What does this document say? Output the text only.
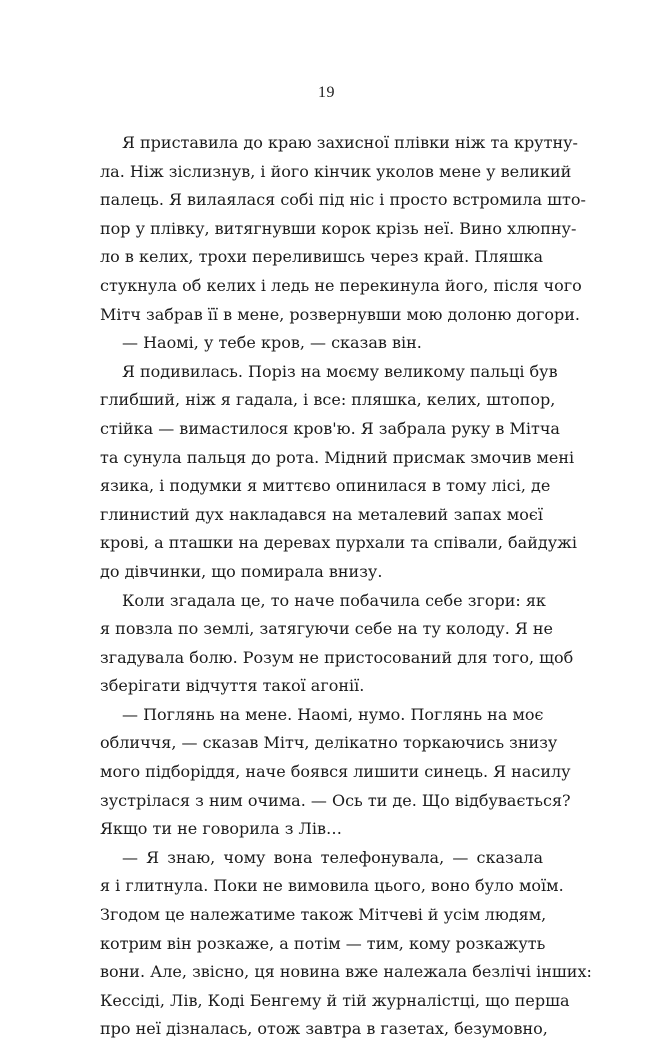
19
Я приставила до краю захисної плівки ніж та крутну-
ла. Ніж зіслизнув, і його кінчик уколов мене у великий
палець. Я вилаялася собі під ніс і просто встромила што-
пор у плівку, витягнувши корок крізь неї. Вино хлюпну-
ло в келих, трохи переливишсь через край. Пляшка
стукнула об келих і ледь не перекинула його, після чого
Мітч забрав її в мене, розвернувши мою долоню догори.
— Наомі, у тебе кров, — сказав він.
Я подивилась. Поріз на моєму великому пальці був
глибший, ніж я гадала, і все: пляшка, келих, штопор,
стійка — вимастилося кров'ю. Я забрала руку в Мітча
та сунула пальця до рота. Мідний присмак змочив мені
язика, і подумки я миттєво опинилася в тому лісі, де
глинистий дух накладався на металевий запах моєї
крові, а пташки на деревах пурхали та співали, байдужі
до дівчинки, що помирала внизу.
Коли згадала це, то наче побачила себе згори: як
я повзла по землі, затягуючи себе на ту колоду. Я не
згадувала болю. Розум не пристосований для того, щоб
зберігати відчуття такої агонії.
— Поглянь на мене. Наомі, нумо. Поглянь на моє
обличчя, — сказав Мітч, делікатно торкаючись знизу
мого підборіддя, наче боявся лишити синець. Я насилу
зустрілася з ним очима. — Ось ти де. Що відбувається?
Якщо ти не говорила з Лів…
— Я знаю, чому вона телефонувала, — сказала
я і глитнула. Поки не вимовила цього, воно було моїм.
Згодом це належатиме також Мітчеві й усім людям,
котрим він розкаже, а потім — тим, кому розкажуть
вони. Але, звісно, ця новина вже належала безлічі інших:
Кессіді, Лів, Коді Бенгему й тій журналістці, що перша
про неї дізналась, отож завтра в газетах, безумовно,
